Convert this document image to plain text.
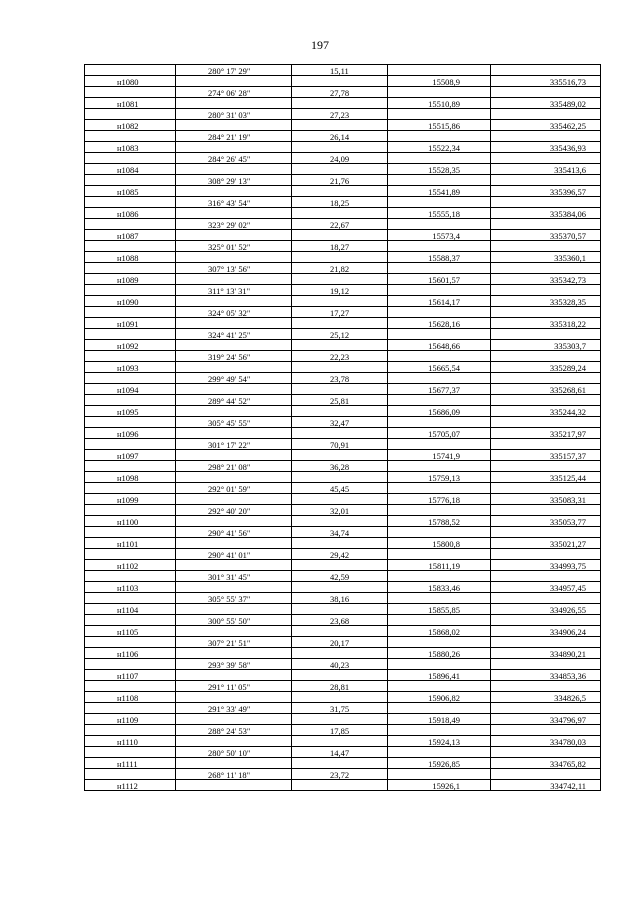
197
	280° 17' 29"	15,11		
н1080			15508,9	335516,73
	274° 06' 28"	27,78		
н1081			15510,89	335489,02
	280° 31' 03"	27,23		
н1082			15515,86	335462,25
	284° 21' 19"	26,14		
н1083			15522,34	335436,93
	284° 26' 45"	24,09		
н1084			15528,35	335413,6
	308° 29' 13"	21,76		
н1085			15541,89	335396,57
	316° 43' 54"	18,25		
н1086			15555,18	335384,06
	323° 29' 02"	22,67		
н1087			15573,4	335370,57
	325° 01' 52"	18,27		
н1088			15588,37	335360,1
	307° 13' 56"	21,82		
н1089			15601,57	335342,73
	311° 13' 31"	19,12		
н1090			15614,17	335328,35
	324° 05' 32"	17,27		
н1091			15628,16	335318,22
	324° 41' 25"	25,12		
н1092			15648,66	335303,7
	319° 24' 56"	22,23		
н1093			15665,54	335289,24
	299° 49' 54"	23,78		
н1094			15677,37	335268,61
	289° 44' 52"	25,81		
н1095			15686,09	335244,32
	305° 45' 55"	32,47		
н1096			15705,07	335217,97
	301° 17' 22"	70,91		
н1097			15741,9	335157,37
	298° 21' 08"	36,28		
н1098			15759,13	335125,44
	292° 01' 59"	45,45		
н1099			15776,18	335083,31
	292° 40' 20"	32,01		
н1100			15788,52	335053,77
	290° 41' 56"	34,74		
н1101			15800,8	335021,27
	290° 41' 01"	29,42		
н1102			15811,19	334993,75
	301° 31' 45"	42,59		
н1103			15833,46	334957,45
	305° 55' 37"	38,16		
н1104			15855,85	334926,55
	300° 55' 50"	23,68		
н1105			15868,02	334906,24
	307° 21' 51"	20,17		
н1106			15880,26	334890,21
	293° 39' 58"	40,23		
н1107			15896,41	334853,36
	291° 11' 05"	28,81		
н1108			15906,82	334826,5
	291° 33' 49"	31,75		
н1109			15918,49	334796,97
	288° 24' 53"	17,85		
н1110			15924,13	334780,03
	280° 50' 10"	14,47		
н1111			15926,85	334765,82
	268° 11' 18"	23,72		
н1112			15926,1	334742,11
